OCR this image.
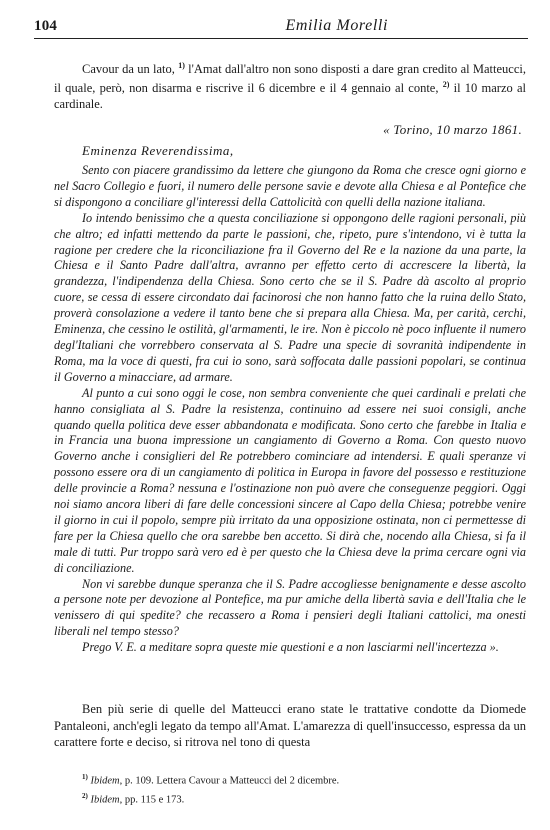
104	Emilia Morelli
Cavour da un lato, $^{1)}$ l'Amat dall'altro non sono disposti a dare gran credito al Matteucci, il quale, però, non disarma e riscrive il 6 dicembre e il 4 gennaio al conte, $^{2)}$ il 10 marzo al cardinale.
« Torino, 10 marzo 1861.
Eminenza Reverendissima,

Sento con piacere grandissimo da lettere che giungono da Roma che cresce ogni giorno e nel Sacro Collegio e fuori, il numero delle persone savie e devote alla Chiesa e al Pontefice che si dispongono a conciliare gl'interessi della Cattolicità con quelli della nazione italiana.

Io intendo benissimo che a questa conciliazione si oppongono delle ragioni personali, più che altro; ed infatti mettendo da parte le passioni, che, ripeto, pure s'intendono, vi è tutta la ragione per credere che la riconciliazione fra il Governo del Re e la nazione da una parte, la Chiesa e il Santo Padre dall'altra, avranno per effetto certo di accrescere la libertà, la grandezza, l'indipendenza della Chiesa. Sono certo che se il S. Padre dà ascolto al proprio cuore, se cessa di essere circondato dai facinorosi che non hanno fatto che la ruina dello Stato, proverà consolazione a vedere il tanto bene che si prepara alla Chiesa. Ma, per carità, cerchi, Eminenza, che cessino le ostilità, gl'armamenti, le ire. Non è piccolo nè poco influente il numero degl'Italiani che vorrebbero conservata al S. Padre una specie di sovranità indipendente in Roma, ma la voce di questi, fra cui io sono, sarà soffocata dalle passioni popolari, se continua il Governo a minacciare, ad armare.

Al punto a cui sono oggi le cose, non sembra conveniente che quei cardinali e prelati che hanno consigliata al S. Padre la resistenza, continuino ad essere nei suoi consigli, anche quando quella politica deve esser abbandonata e modificata. Sono certo che farebbe in Italia e in Francia una buona impressione un cangiamento di Governo a Roma. Con questo nuovo Governo anche i consiglieri del Re potrebbero cominciare ad intendersi. E quali speranze vi possono essere ora di un cangiamento di politica in Europa in favore del possesso e restituzione delle provincie a Roma? nessuna e l'ostinazione non può avere che conseguenze peggiori. Oggi noi siamo ancora liberi di fare delle concessioni sincere al Capo della Chiesa; potrebbe venire il giorno in cui il popolo, sempre più irritato da una opposizione ostinata, non ci permettesse di fare per la Chiesa quello che ora sarebbe ben accetto. Si dirà che, nocendo alla Chiesa, si fa il male di tutti. Pur troppo sarà vero ed è per questo che la Chiesa deve la prima cercare ogni via di conciliazione.

Non vi sarebbe dunque speranza che il S. Padre accogliesse benignamente e desse ascolto a persone note per devozione al Pontefice, ma pur amiche della libertà savia e dell'Italia che le venissero di qui spedite? che recassero a Roma i pensieri degli Italiani cattolici, ma onesti liberali nel tempo stesso?

Prego V. E. a meditare sopra queste mie questioni e a non lasciarmi nell'incertezza ».

Ben più serie di quelle del Matteucci erano state le trattative condotte da Diomede Pantaleoni, anch'egli legato da tempo all'Amat. L'amarezza di quell'insuccesso, espressa da un carattere forte e deciso, si ritrova nel tono di questa
$^{1)}$ Ibidem, p. 109. Lettera Cavour a Matteucci del 2 dicembre.
$^{2)}$ Ibidem, pp. 115 e 173.
